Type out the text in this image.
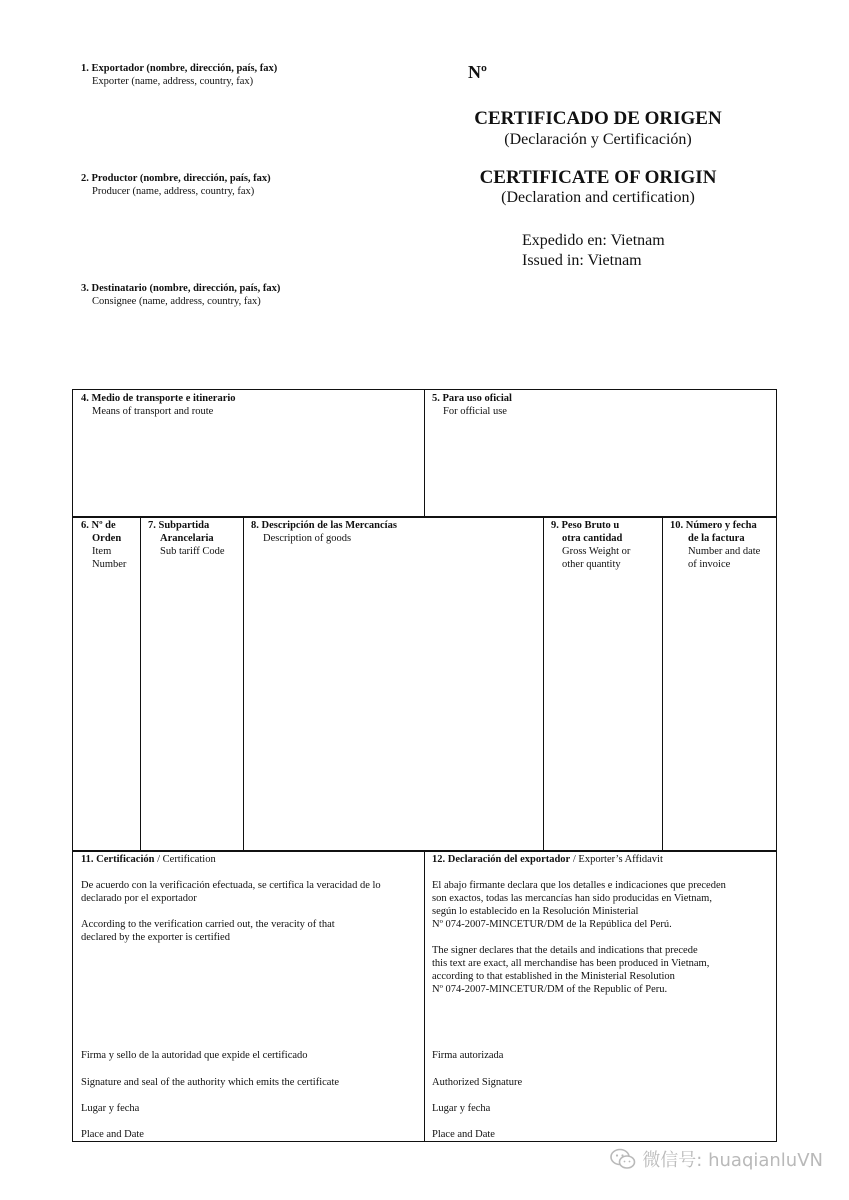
1. Exportador (nombre, dirección, país, fax)
Exporter (name, address, country, fax)
2. Productor (nombre, dirección, país, fax)
Producer (name, address, country, fax)
3. Destinatario (nombre, dirección, país, fax)
Consignee (name, address, country, fax)
Nº
CERTIFICADO DE ORIGEN
(Declaración y Certificación)
CERTIFICATE OF ORIGIN
(Declaration and certification)
Expedido en: Vietnam
Issued in: Vietnam
4. Medio de transporte e itinerario
Means of transport and route
5. Para uso oficial
For official use
6. Nº de
Orden
Item
Number
7. Subpartida
Arancelaria
Sub tariff Code
8. Descripción de las Mercancías
Description of goods
9. Peso Bruto u
otra cantidad
Gross Weight or
other quantity
10. Número y fecha
de la factura
Number and date
of invoice
11. Certificación / Certification
De acuerdo con la verificación efectuada, se certifica la veracidad de lo
declarado por el exportador
According to the verification carried out, the veracity of that
declared by the exporter is certified
Firma y sello de la autoridad que expide el certificado
Signature and seal of the authority which emits the certificate
Lugar y fecha
Place and Date
12. Declaración del exportador / Exporter’s Affidavit
El abajo firmante declara que los detalles e indicaciones que preceden
son exactos, todas las mercancías han sido producidas en Vietnam,
según lo establecido en la Resolución Ministerial
Nº 074-2007-MINCETUR/DM de la República del Perú.
The signer declares that the details and indications that precede
this text are exact, all merchandise has been produced in Vietnam,
according to that established in the Ministerial Resolution
Nº 074-2007-MINCETUR/DM of the Republic of Peru.
Firma autorizada
Authorized Signature
Lugar y fecha
Place and Date
微信号: huaqianluVN
